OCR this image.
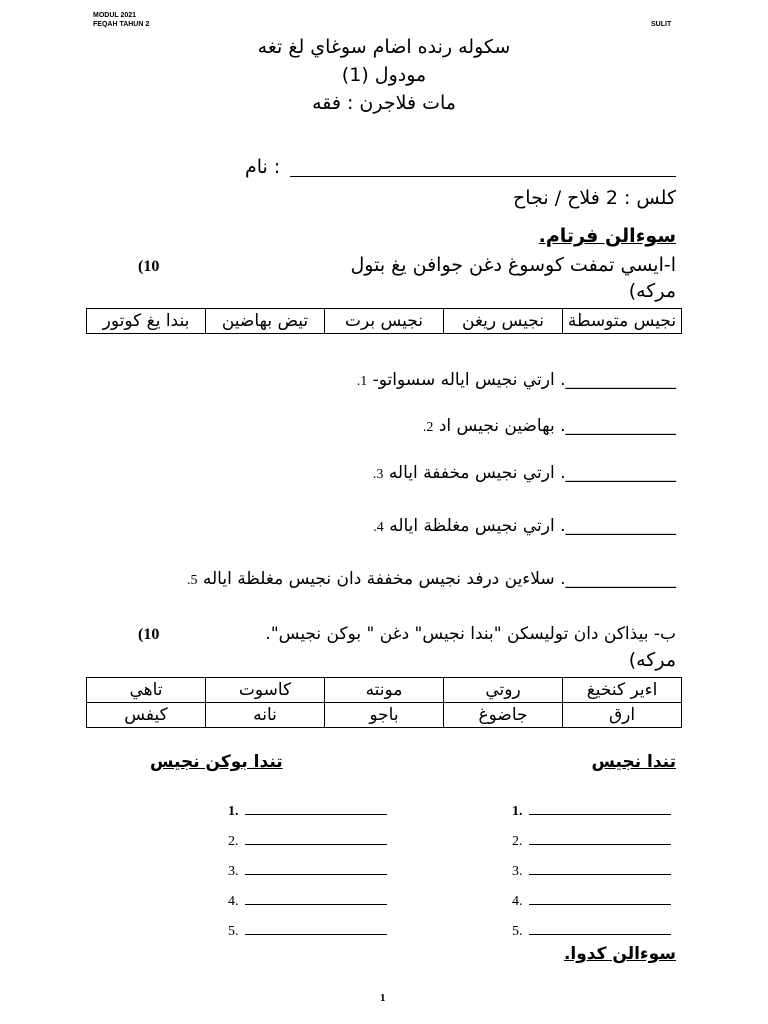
MODUL 2021
FEQAH TAHUN 2	SULIT
سكوله رنده اضام سوغاي لغ تغه
مودول (1)
مات فلاجرن : فقه
: نام
كلس : 2 فلاح / نجاح
سوءالن فرتام.
ا-ايسي تمفت كوسوغ دغن جوافن يغ بتول
(10
مركه)
بندا يغ كوتور	تيض بهاضين	نجيس برت	نجيس ريغن	نجيس متوسطة
_____________. ارتي نجيس اياله سسواتو- 1.
_____________. بهاضين نجيس اد 2.
_____________. ارتي نجيس مخففة اياله 3.
_____________. ارتي نجيس مغلظة اياله 4.
_____________. سلاءين درفد نجيس مخففة دان نجيس مغلظة اياله 5.
ب- بيذاكن دان توليسكن "بندا نجيس" دغن " بوكن نجيس".
(10
مركه)
تاهي	كاسوت	مونته	روتي	اءير كنخيغ
كيفس	نانه	باجو	جاضوغ	ارق
تندا نجيس
تندا بوكن نجيس
1.
2.
3.
4.
5.
1.
2.
3.
4.
5.
سوءالن كدوا.
1
